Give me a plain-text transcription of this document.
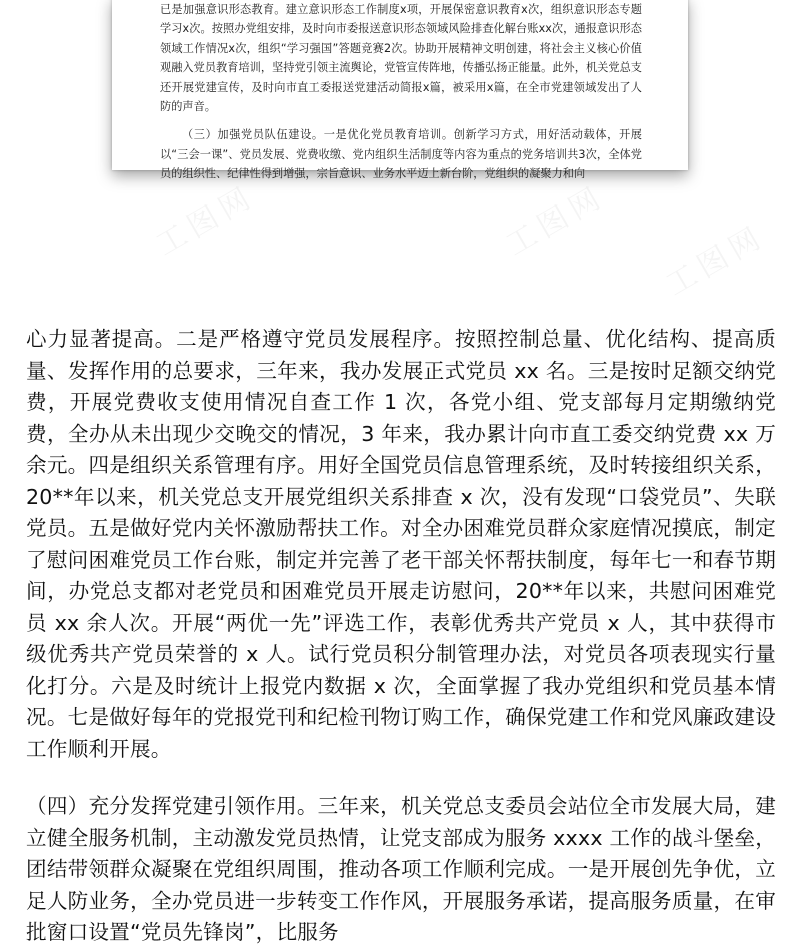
已是加强意识形态教育。建立意识形态工作制度x项，开展保密意识教育x次，组织意识形态专题学习x次。按照办党组安排，及时向市委报送意识形态领域风险排查化解台账xx次，通报意识形态领域工作情况x次，组织“学习强国”答题竞赛2次。协助开展精神文明创建，将社会主义核心价值观融入党员教育培训，坚持党引领主流舆论，党管宣传阵地，传播弘扬正能量。此外，机关党总支还开展党建宣传，及时向市直工委报送党建活动简报x篇，被采用x篇，在全市党建领域发出了人防的声音。

（三）加强党员队伍建设。一是优化党员教育培训。创新学习方式，用好活动载体，开展以“三会一课”、党员发展、党费收缴、党内组织生活制度等内容为重点的党务培训共3次，全体党员的组织性、纪律性得到增强，宗旨意识、业务水平迈上新台阶，党组织的凝聚力和向

心力显著提高。二是严格遵守党员发展程序。按照控制总量、优化结构、提高质量、发挥作用的总要求，三年来，我办发展正式党员 xx 名。三是按时足额交纳党费，开展党费收支使用情况自查工作 1 次，各党小组、党支部每月定期缴纳党费，全办从未出现少交晚交的情况，3 年来，我办累计向市直工委交纳党费 xx 万余元。四是组织关系管理有序。用好全国党员信息管理系统，及时转接组织关系，20**年以来，机关党总支开展党组织关系排查 x 次，没有发现“口袋党员”、失联党员。五是做好党内关怀激励帮扶工作。对全办困难党员群众家庭情况摸底，制定了慰问困难党员工作台账，制定并完善了老干部关怀帮扶制度，每年七一和春节期间，办党总支都对老党员和困难党员开展走访慰问，20**年以来，共慰问困难党员 xx 余人次。开展“两优一先”评选工作，表彰优秀共产党员 x 人，其中获得市级优秀共产党员荣誉的 x 人。试行党员积分制管理办法，对党员各项表现实行量化打分。六是及时统计上报党内数据 x 次，全面掌握了我办党组织和党员基本情况。七是做好每年的党报党刊和纪检刊物订购工作，确保党建工作和党风廉政建设工作顺利开展。

（四）充分发挥党建引领作用。三年来，机关党总支委员会站位全市发展大局，建立健全服务机制，主动激发党员热情，让党支部成为服务 xxxx 工作的战斗堡垒，团结带领群众凝聚在党组织周围，推动各项工作顺利完成。一是开展创先争优，立足人防业务，全办党员进一步转变工作作风，开展服务承诺，提高服务质量，在审批窗口设置“党员先锋岗”，比服务
